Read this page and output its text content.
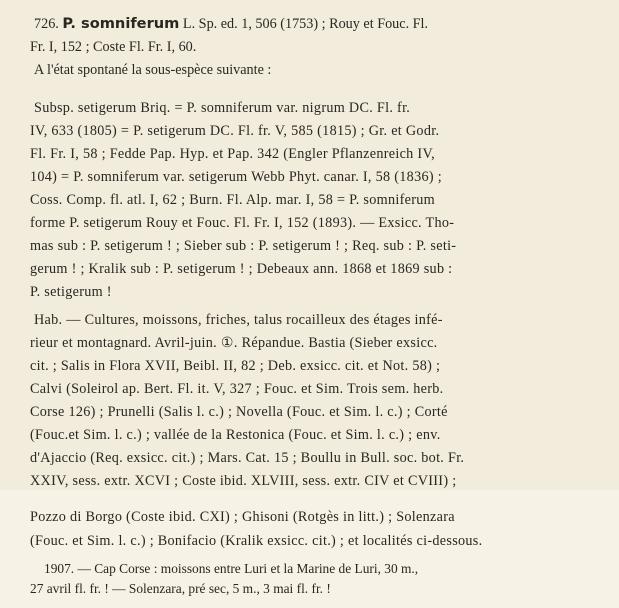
726. P. somniferum L. Sp. ed. 1, 506 (1753) ; Rouy et Fouc. Fl.
Fr. I, 152 ; Coste Fl. Fr. I, 60.
A l'état spontané la sous-espèce suivante :
Subsp. setigerum Briq. = P. somniferum var. nigrum DC. Fl. fr.
IV, 633 (1805) = P. setigerum DC. Fl. fr. V, 585 (1815) ; Gr. et Godr.
Fl. Fr. I, 58 ; Fedde Pap. Hyp. et Pap. 342 (Engler Pflanzenreich IV,
104) = P. somniferum var. setigerum Webb Phyt. canar. I, 58 (1836) ;
Coss. Comp. fl. atl. I, 62 ; Burn. Fl. Alp. mar. I, 58 = P. somniferum
forme P. setigerum Rouy et Fouc. Fl. Fr. I, 152 (1893). — Exsicc. Tho-
mas sub : P. setigerum ! ; Sieber sub : P. setigerum ! ; Req. sub : P. seti-
gerum ! ; Kralik sub : P. setigerum ! ; Debeaux ann. 1868 et 1869 sub :
P. setigerum !
Hab. — Cultures, moissons, friches, talus rocailleux des étages infé-
rieur et montagnard. Avril-juin. ①. Répandue. Bastia (Sieber exsicc.
cit. ; Salis in Flora XVII, Beibl. II, 82 ; Deb. exsicc. cit. et Not. 58) ;
Calvi (Soleirol ap. Bert. Fl. it. V, 327 ; Fouc. et Sim. Trois sem. herb.
Corse 126) ; Prunelli (Salis l. c.) ; Novella (Fouc. et Sim. l. c.) ; Corté
(Fouc.et Sim. l. c.) ; vallée de la Restonica (Fouc. et Sim. l. c.) ; env.
d'Ajaccio (Req. exsicc. cit.) ; Mars. Cat. 15 ; Boullu in Bull. soc. bot. Fr.
XXIV, sess. extr. XCVI ; Coste ibid. XLVIII, sess. extr. CIV et CVIII) ;
Pozzo di Borgo (Coste ibid. CXI) ; Ghisoni (Rotgès in litt.) ; Solenzara
(Fouc. et Sim. l. c.) ; Bonifacio (Kralik exsicc. cit.) ; et localités ci-dessous.
1907. — Cap Corse : moissons entre Luri et la Marine de Luri, 30 m.,
27 avril fl. fr. ! — Solenzara, pré sec, 5 m., 3 mai fl. fr. !
